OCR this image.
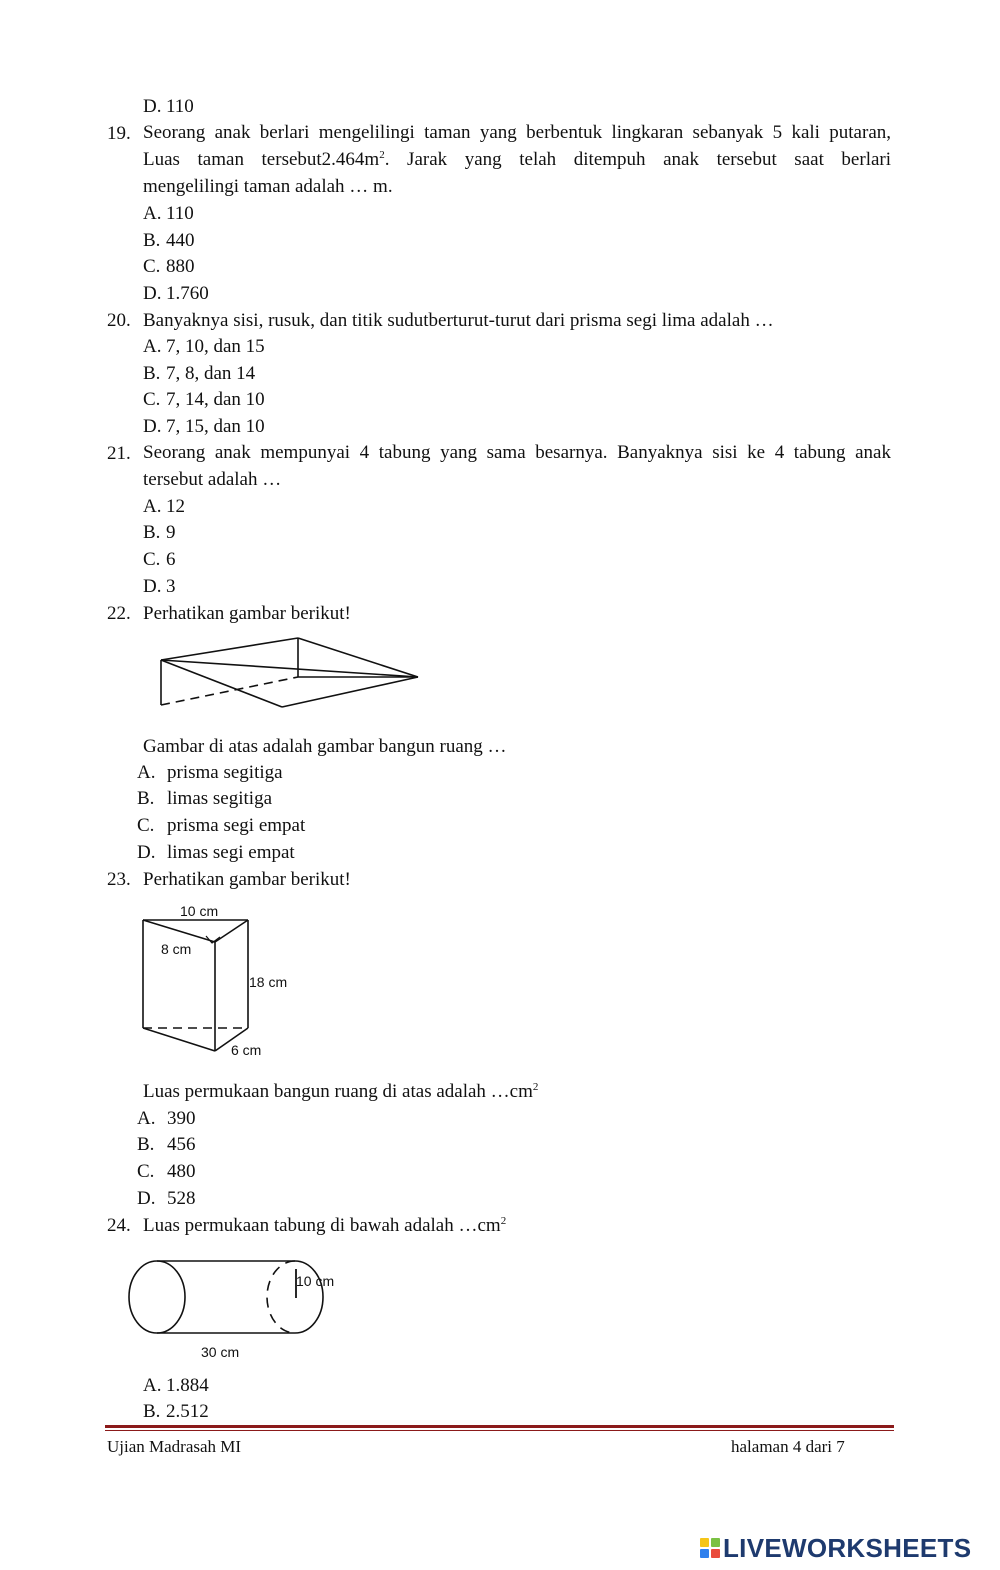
D. 110
19. Seorang anak berlari mengelilingi taman yang berbentuk lingkaran sebanyak 5 kali putaran,
Luas taman $tersebut2.464m^2$. Jarak yang telah ditempuh anak tersebut saat berlari
mengelilingi taman adalah … m.
A. 110
B. 440
C. 880
D. 1.760
20. Banyaknya sisi, rusuk, dan titik sudutberturut-turut dari prisma segi lima adalah …
A. 7, 10, dan 15
B. 7, 8, dan 14
C. 7, 14, dan 10
D. 7, 15, dan 10
21. Seorang anak mempunyai 4 tabung yang sama besarnya. Banyaknya sisi ke 4 tabung anak
tersebut adalah …
A. 12
B. 9
C. 6
D. 3
22. Perhatikan gambar berikut!
Gambar di atas adalah gambar bangun ruang …
A. prisma segitiga
B. limas segitiga
C. prisma segi empat
D. limas segi empat
23. Perhatikan gambar berikut!
10 cm
8 cm
18 cm
6 cm
Luas permukaan bangun ruang di atas adalah $\dots cm^2$
A. 390
B. 456
C. 480
D. 528
24. Luas permukaan tabung di bawah adalah $\dots cm^2$
10 cm
30 cm
A. 1.884
B. 2.512
Ujian Madrasah MI	halaman 4 dari 7
LIVEWORKSHEETS
